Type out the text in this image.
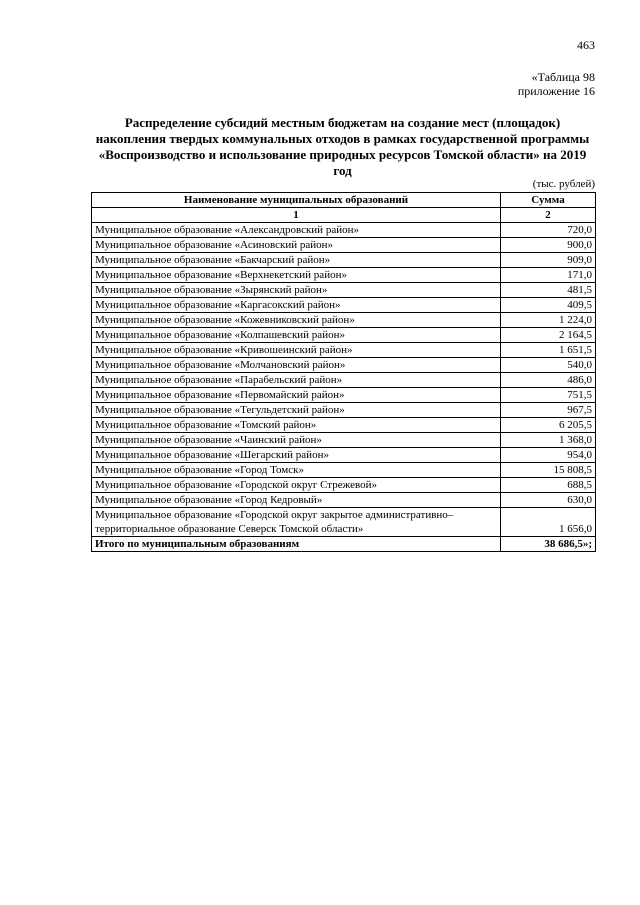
463
«Таблица 98
приложение 16
Распределение субсидий местным бюджетам на создание мест (площадок) накопления твердых коммунальных отходов в рамках государственной программы «Воспроизводство и использование природных ресурсов Томской области» на 2019 год
(тыс. рублей)
Наименование муниципальных образований	Сумма
1	2
Муниципальное образование «Александровский район»	720,0
Муниципальное образование «Асиновский район»	900,0
Муниципальное образование «Бакчарский район»	909,0
Муниципальное образование «Верхнекетский район»	171,0
Муниципальное образование «Зырянский район»	481,5
Муниципальное образование «Каргасокский район»	409,5
Муниципальное образование «Кожевниковский район»	1 224,0
Муниципальное образование «Колпашевский район»	2 164,5
Муниципальное образование «Кривошеинский район»	1 651,5
Муниципальное образование «Молчановский район»	540,0
Муниципальное образование «Парабельский район»	486,0
Муниципальное образование «Первомайский район»	751,5
Муниципальное образование «Тегульдетский район»	967,5
Муниципальное образование «Томский район»	6 205,5
Муниципальное образование «Чаинский район»	1 368,0
Муниципальное образование «Шегарский район»	954,0
Муниципальное образование «Город Томск»	15 808,5
Муниципальное образование «Городской округ Стрежевой»	688,5
Муниципальное образование «Город Кедровый»	630,0
Муниципальное образование «Городской округ закрытое административно–территориальное образование Северск Томской области»	1 656,0
Итого по муниципальным образованиям	38 686,5»;
